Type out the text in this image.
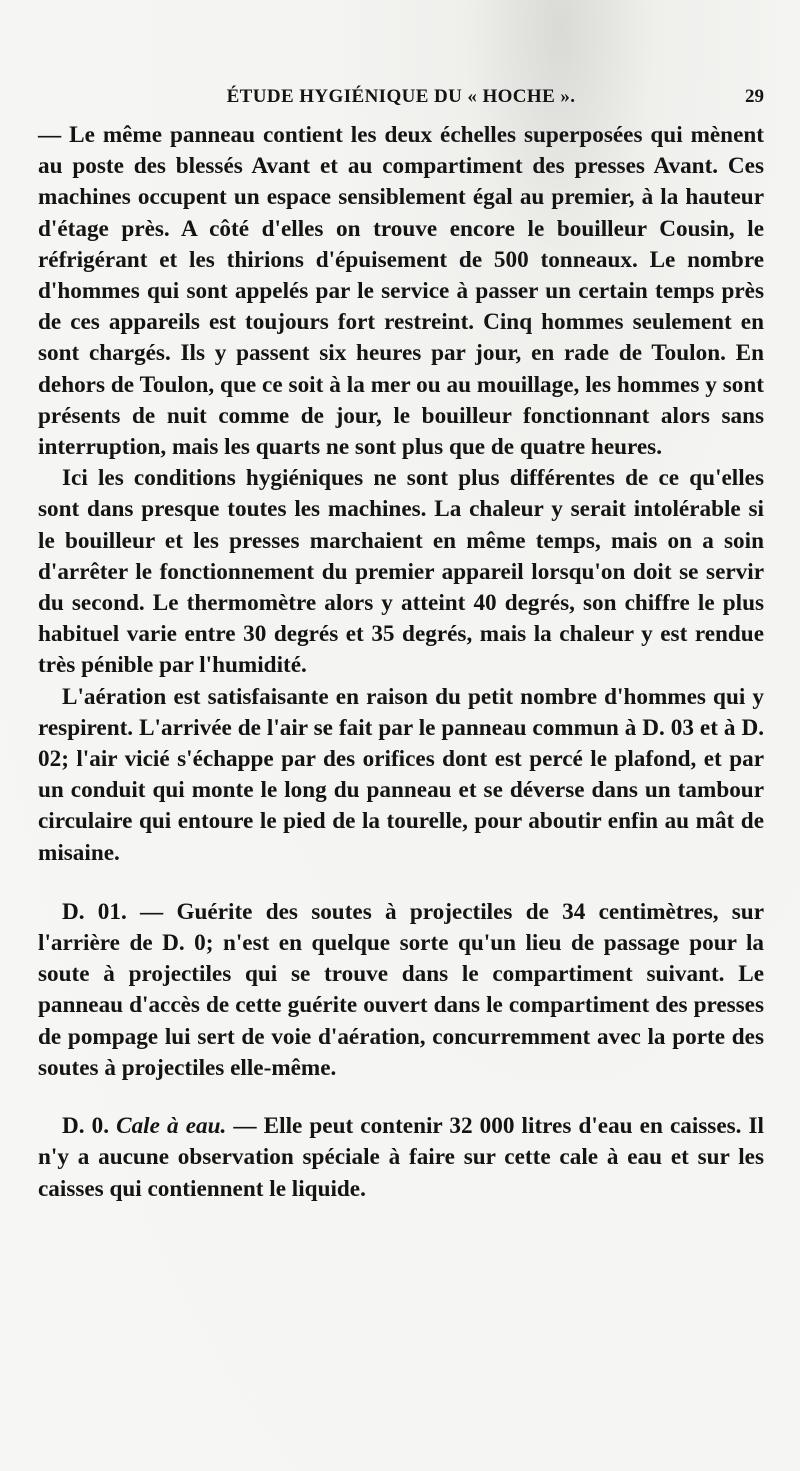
ÉTUDE HYGIÉNIQUE DU « HOCHE ».	29

— Le même panneau contient les deux échelles superposées qui mènent au poste des blessés Avant et au compartiment des presses Avant. Ces machines occupent un espace sensiblement égal au premier, à la hauteur d'étage près. A côté d'elles on trouve encore le bouilleur Cousin, le réfrigérant et les thirions d'épuisement de 500 tonneaux. Le nombre d'hommes qui sont appelés par le service à passer un certain temps près de ces appareils est toujours fort restreint. Cinq hommes seulement en sont chargés. Ils y passent six heures par jour, en rade de Toulon. En dehors de Toulon, que ce soit à la mer ou au mouillage, les hommes y sont présents de nuit comme de jour, le bouilleur fonctionnant alors sans interruption, mais les quarts ne sont plus que de quatre heures.

Ici les conditions hygiéniques ne sont plus différentes de ce qu'elles sont dans presque toutes les machines. La chaleur y serait intolérable si le bouilleur et les presses marchaient en même temps, mais on a soin d'arrêter le fonctionnement du premier appareil lorsqu'on doit se servir du second. Le thermomètre alors y atteint 40 degrés, son chiffre le plus habituel varie entre 30 degrés et 35 degrés, mais la chaleur y est rendue très pénible par l'humidité.

L'aération est satisfaisante en raison du petit nombre d'hommes qui y respirent. L'arrivée de l'air se fait par le panneau commun à D. 03 et à D. 02; l'air vicié s'échappe par des orifices dont est percé le plafond, et par un conduit qui monte le long du panneau et se déverse dans un tambour circulaire qui entoure le pied de la tourelle, pour aboutir enfin au mât de misaine.

D. 01. — Guérite des soutes à projectiles de 34 centimètres, sur l'arrière de D. 0; n'est en quelque sorte qu'un lieu de passage pour la soute à projectiles qui se trouve dans le compartiment suivant. Le panneau d'accès de cette guérite ouvert dans le compartiment des presses de pompage lui sert de voie d'aération, concurremment avec la porte des soutes à projectiles elle-même.

D. 0. Cale à eau. — Elle peut contenir 32 000 litres d'eau en caisses. Il n'y a aucune observation spéciale à faire sur cette cale à eau et sur les caisses qui contiennent le liquide.
